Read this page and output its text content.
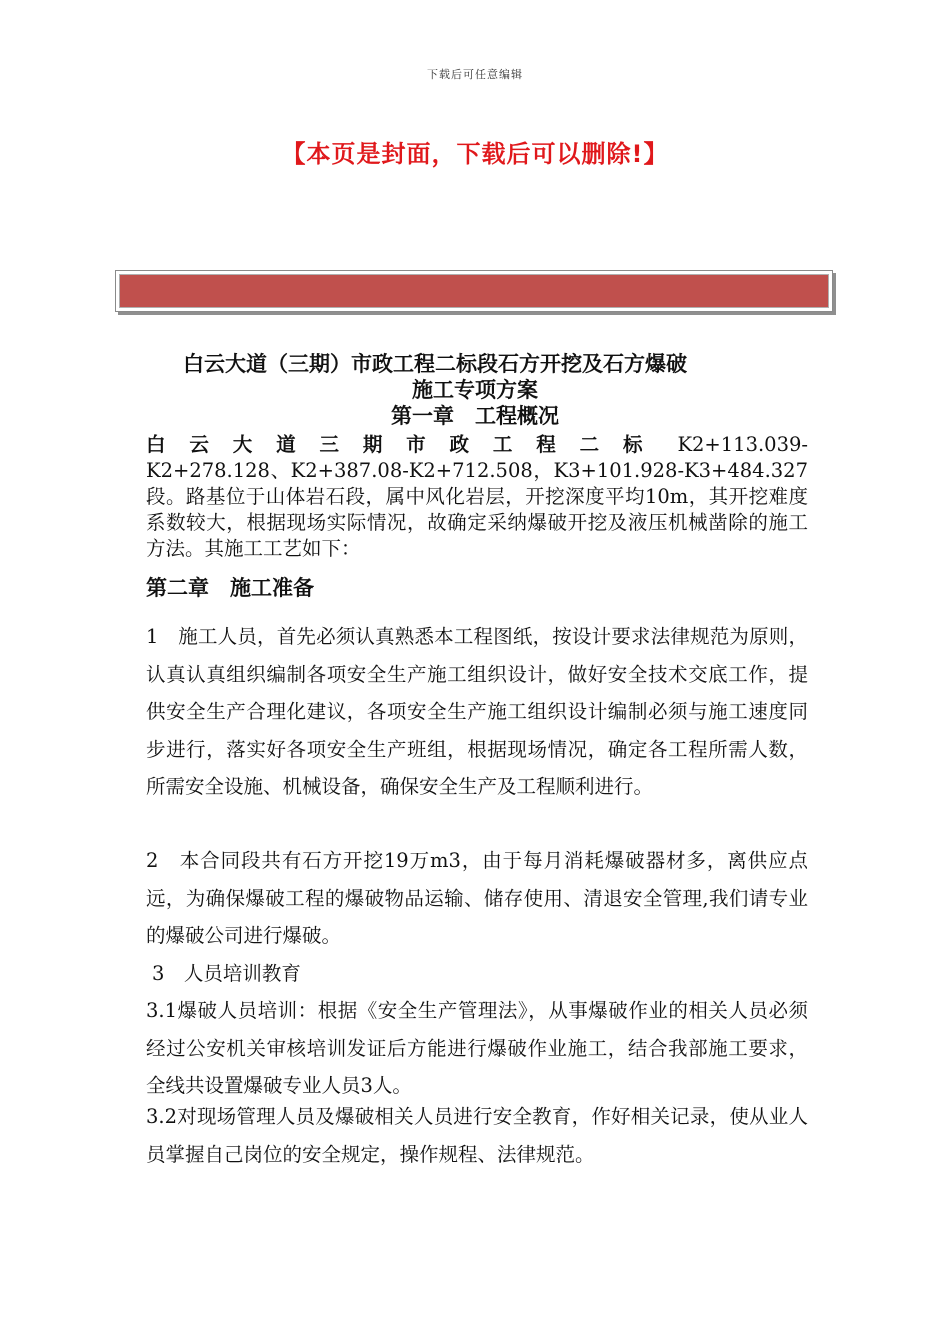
下载后可任意编辑
【本页是封面，下载后可以删除!】
白云大道（三期）市政工程二标段石方开挖及石方爆破
施工专项方案
第一章　工程概况
白云大道三期市政工程二标 K2+113.039-K2+278.128、K2+387.08-K2+712.508，K3+101.928-K3+484.327段。路基位于山体岩石段，属中风化岩层，开挖深度平均10m，其开挖难度系数较大，根据现场实际情况，故确定采纳爆破开挖及液压机械凿除的施工方法。其施工工艺如下：
第二章　施工准备
1　施工人员，首先必须认真熟悉本工程图纸，按设计要求法律规范为原则，认真认真组织编制各项安全生产施工组织设计，做好安全技术交底工作，提供安全生产合理化建议，各项安全生产施工组织设计编制必须与施工速度同步进行，落实好各项安全生产班组，根据现场情况，确定各工程所需人数，所需安全设施、机械设备，确保安全生产及工程顺利进行。
2　本合同段共有石方开挖19万m3，由于每月消耗爆破器材多，离供应点远，为确保爆破工程的爆破物品运输、储存使用、清退安全管理,我们请专业的爆破公司进行爆破。
3　人员培训教育
3.1爆破人员培训：根据《安全生产管理法》，从事爆破作业的相关人员必须经过公安机关审核培训发证后方能进行爆破作业施工，结合我部施工要求，全线共设置爆破专业人员3人。
3.2对现场管理人员及爆破相关人员进行安全教育，作好相关记录，使从业人员掌握自己岗位的安全规定，操作规程、法律规范。
